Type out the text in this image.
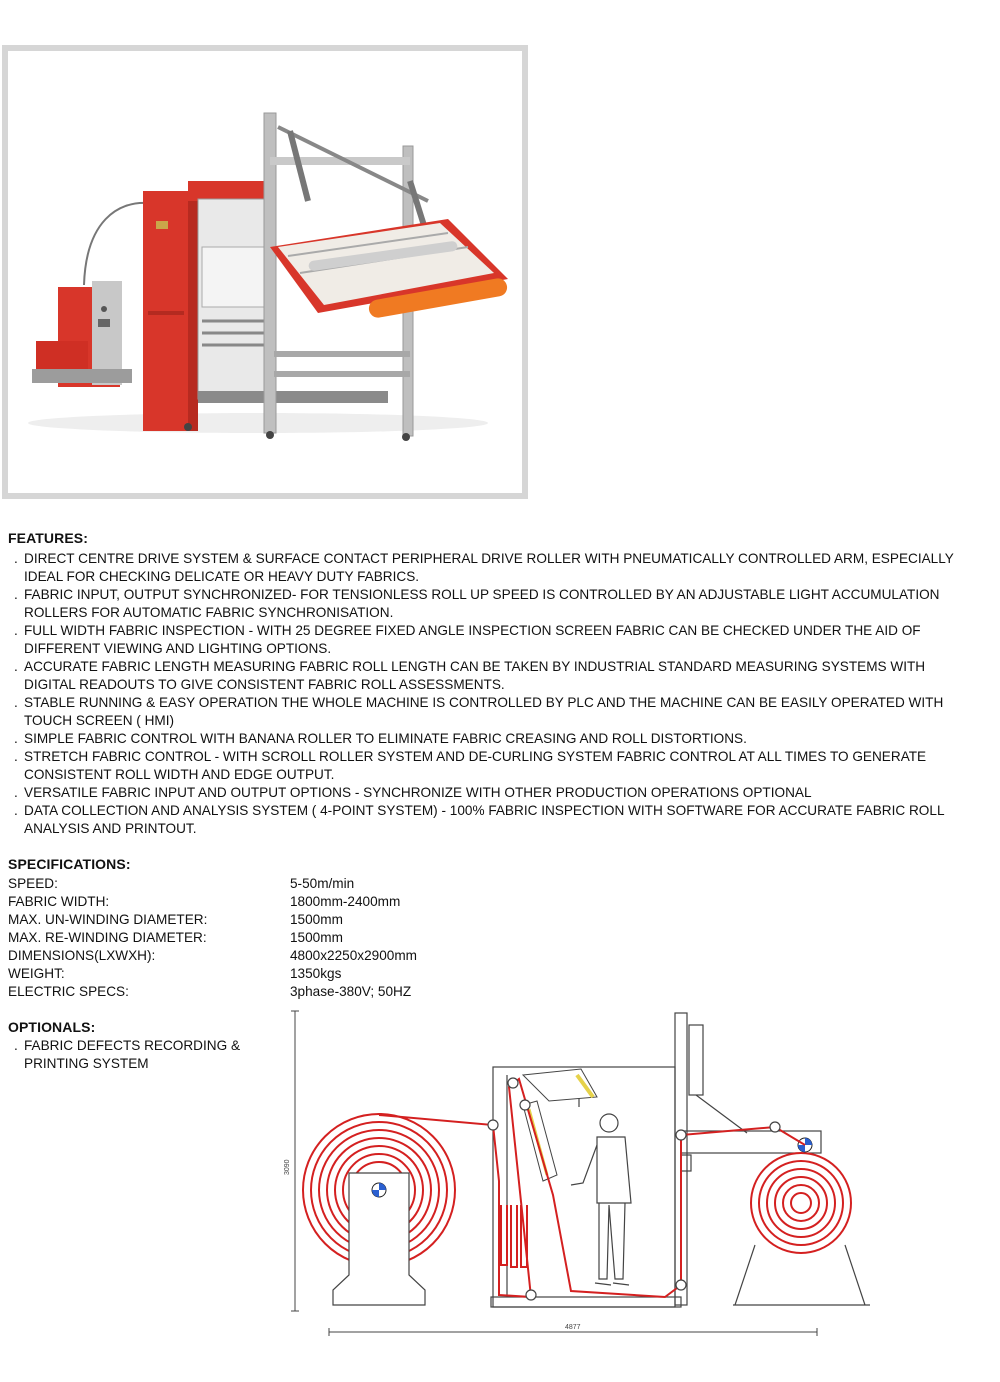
FEATURES:
. DIRECT CENTRE DRIVE SYSTEM & SURFACE CONTACT PERIPHERAL DRIVE ROLLER WITH PNEUMATICALLY CONTROLLED ARM, ESPECIALLY IDEAL FOR CHECKING DELICATE OR HEAVY DUTY FABRICS.
. FABRIC INPUT, OUTPUT SYNCHRONIZED- FOR TENSIONLESS ROLL UP SPEED IS CONTROLLED BY AN ADJUSTABLE LIGHT ACCUMULATION ROLLERS FOR AUTOMATIC FABRIC SYNCHRONISATION.
. FULL WIDTH FABRIC INSPECTION - WITH 25 DEGREE FIXED ANGLE INSPECTION SCREEN FABRIC CAN BE CHECKED UNDER THE AID OF DIFFERENT VIEWING AND LIGHTING OPTIONS.
. ACCURATE FABRIC LENGTH MEASURING FABRIC ROLL LENGTH CAN BE TAKEN BY INDUSTRIAL STANDARD MEASURING SYSTEMS WITH DIGITAL READOUTS TO GIVE CONSISTENT FABRIC ROLL ASSESSMENTS.
. STABLE RUNNING & EASY OPERATION THE WHOLE MACHINE IS CONTROLLED BY PLC AND THE MACHINE CAN BE EASILY OPERATED WITH TOUCH SCREEN ( HMI)
. SIMPLE FABRIC CONTROL WITH BANANA ROLLER TO ELIMINATE FABRIC CREASING AND ROLL DISTORTIONS.
. STRETCH FABRIC CONTROL - WITH SCROLL ROLLER SYSTEM AND DE-CURLING SYSTEM FABRIC CONTROL AT ALL TIMES TO GENERATE CONSISTENT ROLL WIDTH AND EDGE OUTPUT.
. VERSATILE FABRIC INPUT AND OUTPUT OPTIONS - SYNCHRONIZE WITH OTHER PRODUCTION OPERATIONS OPTIONAL
. DATA COLLECTION AND ANALYSIS SYSTEM ( 4-POINT SYSTEM) - 100% FABRIC INSPECTION WITH SOFTWARE FOR ACCURATE FABRIC ROLL ANALYSIS AND PRINTOUT.
SPECIFICATIONS:
SPEED:	5-50m/min
FABRIC WIDTH:	1800mm-2400mm
MAX. UN-WINDING DIAMETER:	1500mm
MAX. RE-WINDING DIAMETER:	1500mm
DIMENSIONS(LXWXH):	4800x2250x2900mm
WEIGHT:	1350kgs
ELECTRIC SPECS:	3phase-380V; 50HZ
OPTIONALS:
. FABRIC DEFECTS RECORDING & PRINTING SYSTEM
3090
4877
